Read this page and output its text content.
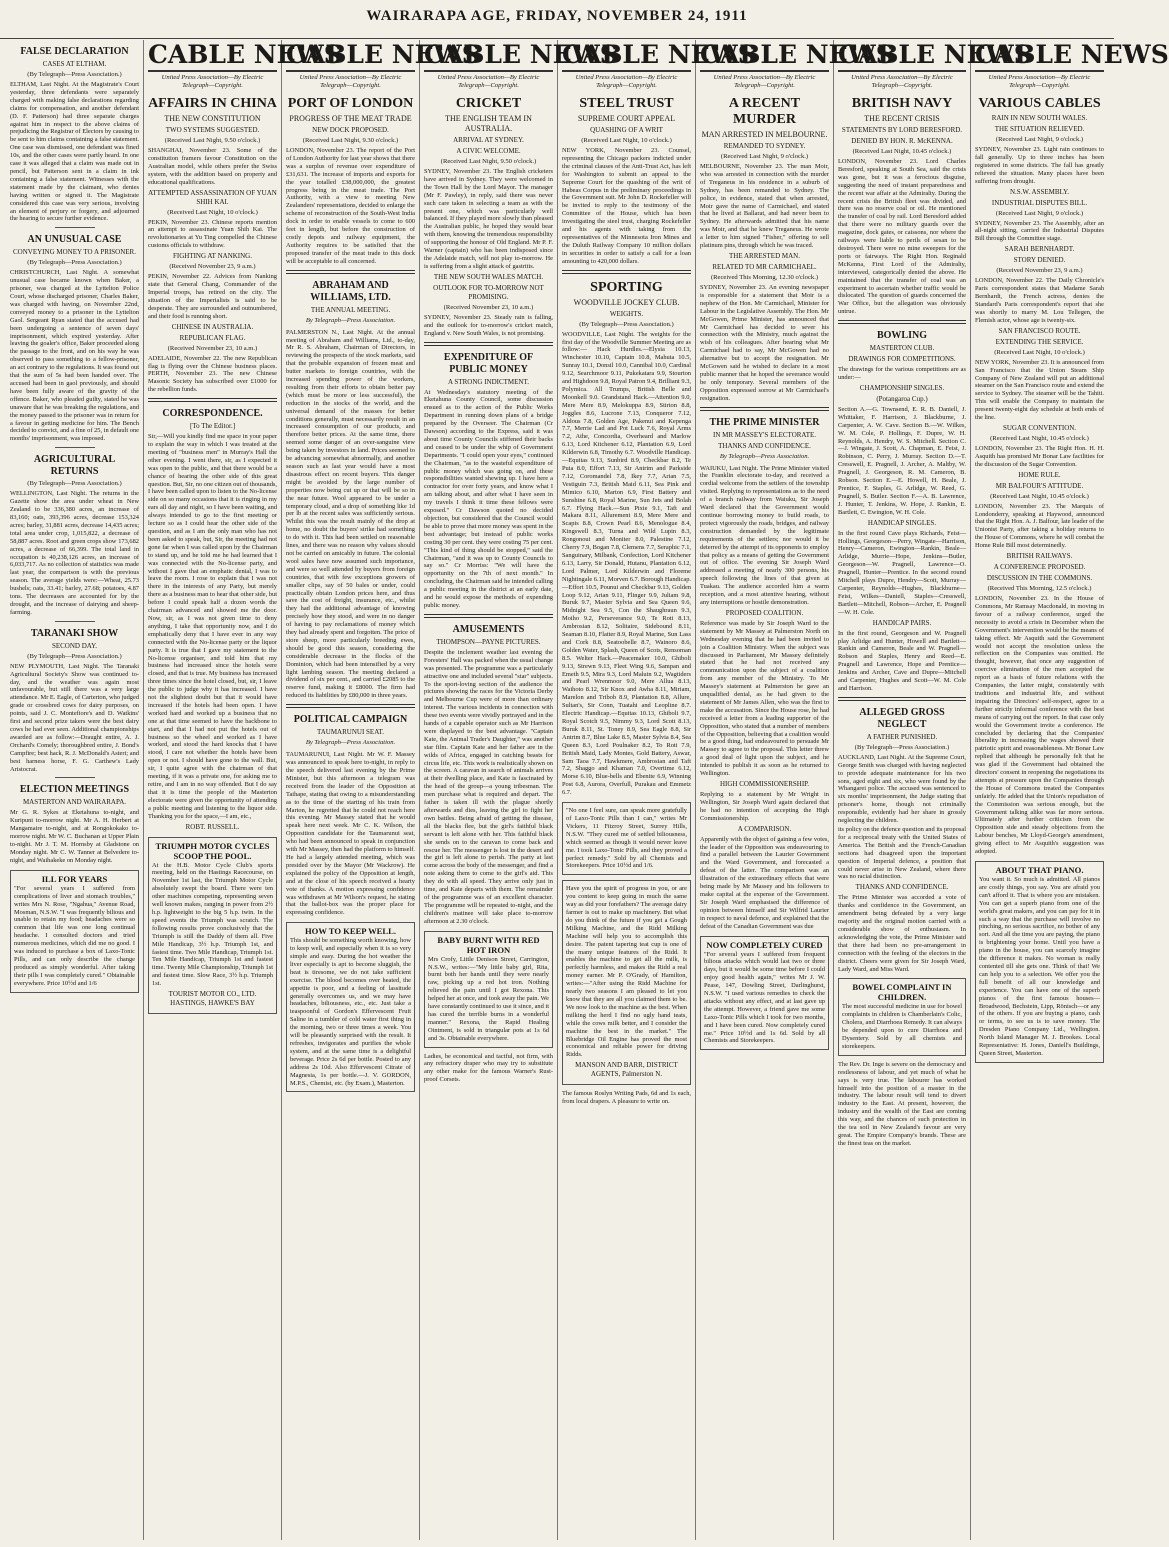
WAIRARAPA AGE, FRIDAY, NOVEMBER 24, 1911
FALSE DECLARATION
CASES AT ELTHAM.
(By Telegraph—Press Association.)
ELTHAM, Last Night. At the Magistrate's Court yesterday, three defendants were separately charged with making false declarations regarding claims for compensation, and another defendant (D. F. Patterson) had three separate charges against him in respect to the above claims of prejudicing the Registrar of Electors by causing to be sent to him claims containing a false statement. One case was dismissed, one defendant was fined 10s, and the other cases were partly heard. In one case it was alleged that a claim was made out in pencil, but Patterson sent in a claim in ink containing a false statement. Witnesses with the statement made by the claimant, who denies having written or signed it. The Magistrate considered this case was very serious, involving an element of perjury or forgery, and adjourned the hearing to secure further evidence.
AN UNUSUAL CASE
CONVEYING MONEY TO A PRISONER.
(By Telegraph—Press Association.)
CHRISTCHURCH, Last Night. A somewhat unusual case became known when Baker, a prisoner, was charged at the Lyttelton Police Court, whose discharged prisoner, Charles Baker, was charged with having, on November 22nd, conveyed money to a prisoner in the Lyttelton Gaol. Sergeant Ryan stated that the accused had been undergoing a sentence of seven days' imprisonment, which expired yesterday. After leaving the goaler's office, Baker proceeded along the passage to the front, and on his way he was observed to pass something to a fellow-prisoner, an act contrary to the regulations. It was found out that the sum of 5s had been handed over. The accused had been in gaol previously, and should have been fully aware of the gravity of the offence. Baker, who pleaded guilty, stated he was unaware that he was breaking the regulations, and the money passed to the prisoner was in return for a favour in getting medicine for him. The Bench decided to convict, and a fine of 25, in default one months' imprisonment, was imposed.
AGRICULTURAL RETURNS
(By Telegraph—Press Association.)
WELLINGTON, Last Night. The returns in the Gazette show the area under wheat in New Zealand to be 336,380 acres, an increase of 83,160; oats, 393,396 acres, decrease 153,324 acres; barley, 31,881 acres, decrease 14,435 acres; total area under crop, 1,015,822, a decrease of 58,887 acres. Root and green crops show 173,682 acres, a decrease of 66,399. The total land in occupation is 40,238,126 acres, an increase of 6,033,717. As no collection of statistics was made last year, the comparison is with the previous season. The average yields were:—Wheat, 25.73 bushels; oats, 33.41; barley, 27.68; potatoes, 4.87 tons. The decreases are accounted for by the drought, and the increase of dairying and sheep-farming.
TARANAKI SHOW
SECOND DAY.
(By Telegraph—Press Association.)
NEW PLYMOUTH, Last Night. The Taranaki Agricultural Society's Show was continued to-day, and the weather was again most unfavourable, but still there was a very large attendance. Mr E. Eagle, of Carterton, who judged grade or crossbred cows for dairy purposes, on points, said J. C. Montefiore's and D. Watkins' first and second prize takers were the best dairy cows he had ever seen. Additional championships awarded are as follow:—Draught entire, A. J. Orchard's Comely; thoroughbred entire, J. Bond's Campfire; best hack, R. J. McDonald's Asteri; and best harness horse, F. G. Carthew's Lady Aristocrat.
ELECTION MEETINGS
MASTERTON AND WAIRARAPA.
Mr G. R. Sykes at Eketahuna to-night, and Kuripuni to-morrow night. Mr A. H. Herbert at Mangamaire to-night, and at Rongokokako to-morrow night. Mr W. C. Buchanan at Upper Plain to-night. Mr J. T. M. Hornsby at Gladstone on Monday night. Mr C. W. Tanner at Belvedere to-night, and Waihakeke on Monday night.
ILL FOR YEARS
"For several years I suffered from complications of liver and stomach troubles," writes Mrs N. Rose, "Ngahua," Avenue Road, Mosman, N.S.W. "I was frequently bilious and unable to retain my food; headaches were so common that life was one long continual headache. I consulted doctors and tried numerous medicines, which did me no good. I was induced to purchase a box of Laxo-Tonic Pills, and can only describe the change produced as simply wonderful. After taking their pills I was completely cured." Obtainable everywhere. Price 10½d and 1/6
CABLE NEWS
United Press Association—By Electric Telegraph—Copyright.
AFFAIRS IN CHINA
THE NEW CONSTITUTION
TWO SYSTEMS SUGGESTED.
(Received Last Night, 9.50 o'clock.)
SHANGHAI, November 23. Some of the constitution framers favour Constitution on the Australian model, while others prefer the Swiss system, with the addition based on property and educational qualifications.
ATTEMPTED ASSASSINATION OF YUAN SHIH KAI.
(Received Last Night, 10 o'clock.)
PEKIN, November 23. Chinese reports mention an attempt to assassinate Yuan Shih Kai. The revolutionaries at Yu Ting compelled the Chinese customs officials to withdraw.
FIGHTING AT NANKING.
(Received November 23, 9 a.m.)
PEKIN, November 22. Advices from Nanking state that General Chang, Commander of the Imperial troops, has retired on the city. The situation of the Imperialists is said to be desperate. They are surrounded and outnumbered, and their food is running short.
CHINESE IN AUSTRALIA.
REPUBLICAN FLAG.
(Received November 23, 10 a.m.)
ADELAIDE, November 22. The new Republican flag is flying over the Chinese business places. PERTH, November 23. The new Chinese Masonic Society has subscribed over £1000 for the rebellion funds.
CORRESPONDENCE.
[To The Editor.]
Sir,—Will you kindly find me space in your paper to explain the way in which I was treated at the meeting of "business men" in Murray's Hall the other evening. I went there, sir, as I expected it was open to the public, and that there would be a chance of hearing the other side of this great question. But, Sir, no one citizen out of thousands, I have been called upon to listen to the No-license side on so many occasions that it is ringing in my ears all day and night, so I have been waiting, and always intended to go to the first meeting or lecture so as I could hear the other side of the question, and as I am the only man who has not been asked to speak, but, Sir, the meeting had not gone far when I was called upon by the Chairman to stand up, and he told me he had learned that I was connected with the No-license party, and without I gave that an emphatic denial, I was to leave the room. I rose to explain that I was not there in the interests of any Party, but merely there as a business man to hear that other side, but before I could speak half a dozen words the chairman advanced and showed me the door. Now, sir, as I was not given time to deny anything, I take that opportunity now, and I do emphatically deny that I have ever in any way connected with the No-license party or the liquor party. It is true that I gave my statement to the No-license organiser, and told him that my business had increased since the hotels were closed, and that is true. My business has increased three times since the hotel closed, but, sir, I leave the public to judge why it has increased. I have not the slightest doubt but that it would have increased if the hotels had been open. I have worked hard and worked up a business that no one at that time seemed to have the backbone to start, and that I had not put the hotels out of business so the wheel and worked as I have worked, and stood the hard knocks that I have stood, I care not whether the hotels have been open or not. I should have gone to the wall. But, sir, I quite agree with the chairman of that meeting, if it was a private one, for asking me to retire, and I am in no way offended. But I do say that it is time the people of the Masterton electorate were given the opportunity of attending a public meeting and listening to the liquor side. Thanking you for the space,—I am, etc.,
ROBT. RUSSELL.
TRIUMPH MOTOR CYCLES SCOOP THE POOL.
At the H.B. Motor Cycle Club's sports meeting, held on the Hastings Racecourse, on November 1st last, the Triumph Motor Cycle absolutely swept the board. There were ten other machines competing, representing seven well known makes, ranging in power from 2½ h.p. lightweight to the big 5 h.p. twin. In the speed events the Triumph was scratch. The following results prove conclusively that the Triumph is still the Daddy of them all. Five Mile Handicap, 3½ h.p. Triumph 1st, and fastest time. Two Mile Handicap, Triumph 1st. Ten Mile Handicap, Triumph 1st and fastest time. Twenty Mile Championship, Triumph 1st and fastest time. Slow Race, 3½ h.p. Triumph 1st.
TOURIST MOTOR CO., LTD. HASTINGS, HAWKE'S BAY
CABLE NEWS
United Press Association—By Electric Telegraph—Copyright.
PORT OF LONDON
PROGRESS OF THE MEAT TRADE
NEW DOCK PROPOSED.
(Received Last Night, 9.30 o'clock.)
LONDON, November 23. The report of the Port of London Authority for last year shows that there was a surplus of revenue over expenditure of £31,631. The increase of imports and exports for the year totalled £38,000,000, the greatest progress being in the meat trade. The Port Authority, with a view to meeting New Zealanders' representations, decided to enlarge the scheme of reconstruction of the South-West India dock in order to enable vessels to come to 600 feet in length, but before the construction of costly depots and railway equipment, the Authority requires to be satisfied that the proposed transfer of the meat trade to this dock will be acceptable to all concerned.
ABRAHAM AND WILLIAMS, LTD.
THE ANNUAL MEETING.
By Telegraph—Press Association.
PALMERSTON N., Last Night. At the annual meeting of Abraham and Williams, Ltd., to-day, Mr R. S. Abraham, Chairman of Directors, in reviewing the prospects of the stock markets, said that the probable expansion of frozen meat and butter markets to foreign countries, with the increased spending power of the workers, resulting from their efforts to obtain better pay (which must be more or less successful), the reduction in the stocks of the world, and the universal demand of the masses for better conditions generally, must necessarily result in an increased consumption of our products, and therefore better prices. At the same time, there seemed some danger of an over-sanguine view being taken by investors in land. Prices seemed to be advancing somewhat abnormally, and another season such as last year would have a most disastrous effect on recent buyers. This danger might be avoided by the large number of properties now being cut up or that will be so in the near future. Wool appeared to be under a temporary cloud, and a drop of something like 1d per lb at the recent sales was sufficiently serious. Whilst this was the result mainly of the drop at home, no doubt the buyers' strike had something to do with it. This had been settled on reasonable lines, and there was no reason why values should not be carried on amicably in future. The colonial wool sales have now assumed such importance, and were so well attended by buyers from foreign countries, that with few exceptions growers of smaller clips, say of 50 bales or under, could practically obtain London prices here, and thus save the cost of freight, insurance, etc., whilst they had the additional advantage of knowing precisely how they stood, and were in no danger of having to pay reclamations of money which they had already spent and forgotten. The price of store sheep, more particularly breeding ewes, should be good this season, considering the considerable decrease in the flocks of the Dominion, which had been intensified by a very light lambing season. The meeting declared a dividend of six per cent., and carried £2085 to the reserve fund, making it £8000. The firm had reduced its liabilities by £80,000 in three years.
POLITICAL CAMPAIGN
TAUMARUNUI SEAT.
By Telegraph—Press Association.
TAUMARUNUI, Last Night. Mr W. F. Massey was announced to speak here to-night, in reply to the speech delivered last evening by the Prime Minister, but this afternoon a telegram was received from the leader of the Opposition at Taihape, stating that owing to a misunderstanding as to the time of the starting of his train from Marton, he regretted that he could not reach here this evening. Mr Massey stated that he would speak here next week. Mr C. K. Wilson, the Opposition candidate for the Taumarunui seat, who had been announced to speak in conjunction with Mr Massey, then had the platform to himself. He had a largely attended meeting, which was presided over by the Mayor (Mr Wackrow). He explained the policy of the Opposition at length, and at the close of his speech received a hearty vote of thanks. A motion expressing confidence was withdrawn at Mr Wilson's request, he stating that the ballot-box was the proper place for expressing confidence.
HOW TO KEEP WELL.
This should be something worth knowing, how to keep well, and especially when it is so very simple and easy. During the hot weather the liver especially is apt to become sluggish, the heat is tiresome, we do not take sufficient exercise. The blood becomes over heated, the appetite is poor, and a feeling of lassitude generally overcomes us, and we may have headaches, biliousness, etc., etc. Just take a teaspoonful of Gordon's Effervescent Fruit Saline in a tumbler of cold water first thing in the morning, two or three times a week. You will be pleasantly surprised with the result. It refreshes, invigorates and purifies the whole system, and at the same time is a delightful beverage. Price 2s 6d per bottle. Posted to any address 2s 10d. Also Effervescent Citrate of Magnesia, 1s per bottle.—J. V. GORDON, M.P.S., Chemist, etc. (by Exam.), Masterton.
CABLE NEWS
United Press Association—By Electric Telegraph—Copyright.
CRICKET
THE ENGLISH TEAM IN AUSTRALIA.
ARRIVAL AT SYDNEY.
A CIVIC WELCOME.
(Received Last Night, 9.50 o'clock.)
SYDNEY, November 23. The English cricketers have arrived in Sydney. They were welcomed in the Town Hall by the Lord Mayor. The manager (Mr F. Pawley), in reply, said there was never such care taken in selecting a team as with the present one, which was particularly well balanced. If they played more slowly than pleased the Australian public, he hoped they would bear with them, knowing the tremendous responsibility of supporting the honour of Old England. Mr P. F. Warner (captain) who has been indisposed since the Adelaide match, will not play to-morrow. He is suffering from a slight attack of gastritis.
THE NEW SOUTH WALES MATCH.
OUTLOOK FOR TO-MORROW NOT PROMISING.
(Received November 23, 10 a.m.)
SYDNEY, November 23. Steady rain is falling, and the outlook for to-morrow's cricket match, England v. New South Wales, is not promising.
EXPENDITURE OF PUBLIC MONEY
A STRONG INDICTMENT.
At Wednesday's statutory meeting of the Eketahuna County Council, some discussion ensued as to the action of the Public Works Department in running down plans of a bridge prepared by the Overseer. The Chairman (Cr Dawson) according to the Express, said it was about time County Councils stiffened their backs and ceased to be under the whip of Government Departments. "I could open your eyes," continued the Chairman, "as to the wasteful expenditure of public money which was going on, and these responsibilities wanted shewing up. I have here a contractor for over forty years, and know what I am talking about, and after what I have seen in my travels I think it time these fellows were exposed." Cr Dawson quoted no decided objection, but considered that the Council would be able to prove that more money was spent in the best advantage; but instead of public works costing 30 per cent. they were costing 75 per cent. "This kind of thing should be stopped," said the Chairman, "and it was up to County Councils to say so." Cr Morriss: "We will have the opportunity on the 7th of next month." In concluding, the Chairman said he intended calling a public meeting in the district at an early date, and he would expose the methods of expending public money.
AMUSEMENTS
THOMPSON—PAYNE PICTURES.
Despite the inclement weather last evening the Foresters' Hall was packed when the usual change was presented. The programme was a particularly attractive one and included several "star" subjects. To the sport-loving section of the audience the pictures showing the races for the Victoria Derby and Melbourne Cup were of more than ordinary interest. The various incidents in connection with these two events were vividly portrayed and in the hands of a capable operator such as Mr Harrison were displayed to the best advantage. "Captain Kate, the Animal Trader's Daughter," was another star film. Captain Kate and her father are in the wilds of Africa, engaged in catching beasts for circus life, etc. This work is realistically shown on the screen. A caravan in search of animals arrives at their dwelling place, and Kate is fascinated by the head of the group—a young tribesman. The men purchase what is required and depart. The father is taken ill with the plague shortly afterwards and dies, leaving the girl to fight her own battles. Being afraid of getting the disease, all the blacks flee, but the girl's faithful black servant is left alone with her. This faithful black she sends on to the caravan to come back and rescue her. The messenger is lost in the desert and the girl is left alone to perish. The party at last come across the body of the messenger, and find a note asking them to come to the girl's aid. This they do with all speed. They arrive only just in time, and Kate departs with them. The remainder of the programme was of an excellent character. The programme will be repeated to-night, and the children's matinee will take place to-morrow afternoon at 2.30 o'clock.
BABY BURNT WITH RED HOT IRON
Mrs Crofy, Little Denison Street, Carrington, N.S.W., writes:—"My little baby girl, Rita, burnt both her hands until they were nearly raw, picking up a red hot iron. Nothing relieved the pain until I got Rexona. This helped her at once, and took away the pain. We have constantly continued to use it since, and it has cured the terrible burns in a wonderful manner." Rexona, the Rapid Healing Ointment, is sold in triangular pots at 1s 6d and 3s. Obtainable everywhere.
Ladies, be economical and tactful, not firm, with any refractory draper who may try to substitute any other make for the famous Warner's Rust-proof Corsets.
CABLE NEWS
United Press Association—By Electric Telegraph—Copyright.
STEEL TRUST
SUPREME COURT APPEAL
QUASHING OF A WRIT
(Received Last Night, 10 o'clock.)
NEW YORK, November 23. Counsel, representing the Chicago packers indicted under the criminal clauses of the Anti-Trust Act, has left for Washington to submit an appeal to the Supreme Court for the quashing of the writ of Habeas Corpus in the preliminary proceedings in the Government suit. Mr John D. Rockefeller will be invited to reply to the testimony of the Committee of the House, which has been investigating the steel trust, charging Rockefeller and his agents with taking from the representatives of the Minnesota Iron Mines and the Duluth Railway Company 10 million dollars in securities in order to satisfy a call for a loan amounting to 420,000 dollars.
SPORTING
WOODVILLE JOCKEY CLUB.
WEIGHTS.
(By Telegraph—Press Association.)
WOODVILLE, Last Night. The weights for the first day of the Woodville Summer Meeting are as follow:— Hack Hurdles.—Elysia 10.13, Winchester 10.10, Captain 10.8, Mahuta 10.5, Sunray 10.1, Donsil 10.0, Cannibal 10.0, Cardinal 9.12, Searchmoor 9.11, Pukekatara 9.9, Stourton and Highdoon 9.8, Royal Patron 9.4, Brilliant 9.3, Polymica. All Trumps, British Belle and Moonkell 9.0. Grandstand Hack.—Attention 9.0, Mere Mere 8.9, Melokuppa 8.9, Stirton 8.8, Joggles 8.6, Lucrone 7.13, Conqueror 7.12, Aldous 7.8, Golden Age, Pakenui and Kepenga 7.7, Merrie Lad and Pot Luck 7.6, Royal Arms 7.2, Athe, Concordia, Overheard and Marlow 6.13, Lord Kitchener 6.12, Plantation 6.9, Lord Kilderwin 6.8, Timothy 6.7. Woodville Handicap.—Equitas 9.13, Sunbird 8.9, Checkbar 8.2, Te Puia 8.0, Effort 7.13, Sir Antrim and Parkside 7.12, Coromandel 7.8, Ikey 7.7, Arian 7.5, Vestiguin 7.3, British Maid 6.11, Sea Pink and Mimico 6.10, Marton 6.9, First Battery and Sunshine 6.8, Royal Marine, Sun Jets and Bolah 6.7. Flying Hack.—Sun Pixie 9.1, Taft and Makara 8.11, Allurement 8.9, Mere Mere and Scapis 8.8, Crown Pearl 8.6, Menologue 8.4, Kingswell 8.3, Turna and Wild Lupin 8.3, Rongonoui and Moniter 8.0, Palestine 7.12, Cherry 7.9, Bogan 7.8, Clemens 7.7, Seraphic 7.1, Sanguinary, Milbank, Confection, Lord Kitchener 6.13, Larry, Sir Donald, Hutanu, Plantation 6.12, Lord Palmer, Lord Kilderwin and Floreme Nightingale 6.11, Morven 6.7. Borough Handicap.—Effort 10.5, Pounui and Checkbar 9.13, Golden Loop 9.12, Arian 9.11, Flinger 9.9, Juliam 9.8, Buruk 9.7, Master Sylvia and Sea Queen 9.6, Midnight Sea 9.5, Con the Shaughraun 9.3, Moiho 9.2, Perseverance 9.0, Te Roti 8.13, Ambrosian 8.12, Solitaire, Sidebound 8.11, Seaman 8.10, Flatter 8.9, Royal Marine, Sun Lass and Cork 8.8, Seatoobelle 8.7, Wainoro 8.6, Golden Water, Splash, Queen of Scots, Rensoman 8.5. Welter Hack.—Peacemaker 10.0, Ghiboli 9.13, Strewn 9.13, Fleet Wing 9.6, Sampan and Emeth 9.5, Mira 9.3, Lord Maluin 9.2, Wagtiders and Pearl Wrenmoor 9.0, Mere Allua 8.13, Waihoto 8.12, Sir Knox and Awha 8.11, Miriam, Marelon and Tribob 8.9, Plantation 8.8, Allure, Sultan's, Sir Conn, Tuatahi and Leopline 8.7. Electric Handicap.—Equitas 10.13, Ghiboli 9.7, Royal Scotch 9.5, Nimmy 9.3, Lord Scott 8.13, Buruk 8.11, St. Toney 8.9, Sea Eagle 8.8, Sir Antrim 8.7, Blue Lake 8.5, Master Sylvia 8.4, Sea Queen 8.3, Lord Poulnaker 8.2, To Roti 7.9, British Maid, Lady Montes, Gold Battery, Aswar, Sam Taoa 7.7, Hawkmere, Ambrosian and Taft 7.2, Shaggo and Khaman 7.0, Overtime 6.12, Morse 6.10, Blue-bells and Ebenite 6.9, Winning Post 6.8, Aurora, Overfull, Purakau and Emmetz 6.7.
"No one I feel sure, can speak more gratefully of Laxo-Tonic Pills than I can," writes Mr Vickers, 11 Fitzroy Street, Surrey Hills, N.S.W. "They cured me of settled biliousness, which seemed as though it would never leave me. I took Laxo-Tonic Pills, and they proved a perfect remedy." Sold by all Chemists and Storekeepers. Price 10½d and 1/6.
Have you the spirit of progress in you, or are you content to keep going in much the same way as did your forefathers? The average dairy farmer is out to make up machinery. But what do you think of the future if you get a Gough Milking Machine, and the Ridd Milking Machine will help you to accomplish this desire. The patent tapering teat cup is one of the many unique features of the Ridd. It enables the machine to get all the milk, is perfectly harmless, and makes the Ridd a real money earner. Mr P. O'Grady, of Hamilton, writes:—"After using the Ridd Machine for nearly two seasons I am pleased to let you know that they are all you claimed them to be. We now look to the machine as the best. When milking the herd I find no ugly hand teats, while the cows milk better, and I consider the machine the best in the market." The Bluebridge Oil Engine has proved the most economical and reliable power for driving Ridds.
MANSON AND BARR, DISTRICT AGENTS, Palmerston N.
The famous Roslyn Writing Pads, 6d and 1s each, from local drapers. A pleasure to write on.
CABLE NEWS
United Press Association—By Electric Telegraph—Copyright.
A RECENT MURDER
MAN ARRESTED IN MELBOURNE.
REMANDED TO SYDNEY.
(Received Last Night, 9 o'clock.)
MELBOURNE, November 23. The man Moir, who was arrested in connection with the murder of Treganeus in his residence in a suburb of Sydney, has been remanded to Sydney. The police, in evidence, stated that when arrested, Moir gave the name of Carmichael, and stated that he lived at Ballarat, and had never been to Sydney. He afterwards admitted that his name was Moir, and that he knew Treganeus. He wrote a letter to him signed "Fisher," offering to sell platinum pins, through which he was traced.
THE ARRESTED MAN.
RELATED TO MR CARMICHAEL.
(Received This Morning, 12.30 o'clock.)
SYDNEY, November 23. An evening newspaper is responsible for a statement that Moir is a nephew of the Hon. Mr Carmichael, Minister for Labour in the Legislative Assembly. The Hon. Mr McGowen, Prime Minister, has announced that Mr Carmichael has decided to sever his connection with the Ministry, much against the wish of his colleagues. After hearing what Mr Carmichael had to say, Mr McGowen had no alternative but to accept the resignation. Mr McGowen said he wished to declare in a most public manner that he hoped the severance would be only temporary. Several members of the Opposition expressed sorrow at Mr Carmichael's resignation.
THE PRIME MINISTER
IN MR MASSEY'S ELECTORATE.
THANKS AND CONFIDENCE.
By Telegraph—Press Association.
WAIUKU, Last Night. The Prime Minister visited the Franklin electorate to-day, and received a cordial welcome from the settlers of the township visited. Replying to representations as to the need of a branch railway from Waiuku, Sir Joseph Ward declared that the Government would continue borrowing money to build roads, to protect vigorously the roads, bridges, and railway construction demanded by the legitimate requirements of the settlers; nor would it be deterred by the attempt of its opponents to employ that policy as a means of getting the Government out of office. The evening Sir Joseph Ward addressed a meeting of nearly 300 persons, his speech following the lines of that given at Tuakau. The audience accorded him a warm reception, and a most attentive hearing, without any interruptions or hostile demonstration.
PROPOSED COALITION.
Reference was made by Sir Joseph Ward to the statement by Mr Massey at Palmerston North on Wednesday evening that he had been invited to join a Coalition Ministry. When the subject was discussed in Parliament, Mr Massey definitely stated that he had not received any communication upon the subject of a coalition from any member of the Ministry. To Mr Massey's statement at Palmerston he gave an unqualified denial, as he had given to the statement of Mr James Allen, who was the first to make the accusation. Since the House rose, he had received a letter from a leading supporter of the Opposition, who stated that a number of members of the Opposition, believing that a coalition would be a good thing, had endeavoured to persuade Mr Massey to agree to the proposal. This letter threw a good deal of light upon the subject, and he intended to publish it as soon as he returned to Wellington.
HIGH COMMISSIONERSHIP.
Replying to a statement by Mr Wright in Wellington, Sir Joseph Ward again declared that he had no intention of accepting the High Commissionership.
A COMPARISON.
Apparently with the object of gaining a few votes, the leader of the Opposition was endeavouring to find a parallel between the Laurier Government and the Ward Government, and forecasted a defeat of the latter. The comparison was an illustration of the extraordinary effects that were being made by Mr Massey and his followers to make capital at the expense of the Government. Sir Joseph Ward emphasised the difference of opinion between himself and Sir Wilfrid Laurier in respect to naval defence, and explained that the defeat of the Canadian Government was due
NOW COMPLETELY CURED
"For several years I suffered from frequent bilious attacks which would last two or three days, but it would be some time before I could enjoy good health again," writes Mr J. W. Pease, 147, Dowling Street, Darlinghurst, N.S.W. "I used various remedies to check the attacks without any effect, and at last gave up the attempt. However, a friend gave me some Laxo-Tonic Pills which I took for two months, and I have been cured. Now completely cured me." Price 10½d and 1s 6d. Sold by all Chemists and Storekeepers.
CABLE NEWS
United Press Association—By Electric Telegraph—Copyright.
BRITISH NAVY
THE RECENT CRISIS
STATEMENTS BY LORD BERESFORD.
DENIED BY HON. R. McKENNA.
(Received Last Night, 10.45 o'clock.)
LONDON, November 23. Lord Charles Beresford, speaking at South Sea, said the crisis was gone, but it was a ferocious disguise, suggesting the need of instant preparedness and the recent war affair at the Admiralty. During the recent crisis the British fleet was divided, and there was no reserve coal or oil. He mentioned the transfer of coal by rail. Lord Beresford added that there were no military guards over the magazine, dock gates, or caissons, nor where the railways were liable to perils of sesan to be destroyed. There were no mine sweepers for the ports or fairways. The Right Hon. Reginald McKenna, First Lord of the Admiralty, interviewed, categorically denied the above. He maintained that the transfer of coal was an experiment to ascertain whether traffic would be dislocated. The question of guards concerned the War Office, but the allegation was obviously untrue.
BOWLING
MASTERTON CLUB.
DRAWINGS FOR COMPETITIONS.
The drawings for the various competitions are as under:—
CHAMPIONSHIP SINGLES.
(Potangaroa Cup.)
Section A.—G. Townsend, E. R. B. Daniell, J. Whittaker, F. Harrison, J. Blackburne, J. Carpenter, A. W. Cave. Section B.—W. Wilkes, W. M. Cole, P. Hollings, F. Dupre, W. H. Reynolds, A. Hendry, W. S. Mitchell. Section C.—J. Wingate, J. Scott, A. Chapman, E. Feist, J. Robinson, C. Perry, J. Murray. Section D.—T. Cresswell, E. Pragnell, J. Archer, A. Maltby, W. Pragnell, J. Georgeson, R. M. Cameron, B. Robson. Section E.—E. Howell, H. Beale, J. Prentice, F. Staples, G. Arlidge, W. Reed, G. Pragnell, S. Butler. Section F.—A. B. Lawrence, J. Hunter, T. Jenkins, W. Hope, J. Rankin, E. Bartlett, C. Ewington, W. H. Cole.
HANDICAP SINGLES.
In the first round Cave plays Richards, Feist—Hollings, Georgeson—Perry, Wingate—Harrison, Henry—Cameron, Ewington—Rankin, Beale—Arlidge, Murrie—Hope, Jenkins—Butler, Georgeson—W. Pragnell, Lawrence—O. Pragnell, Hunter—Prentice. In the second round Mitchell plays Dupre, Hendry—Scott, Murray—Carpenter, Reynolds—Hughes, Blackburne—Feist, Wilkes—Daniell, Staples—Cresswell, Bartlett—Mitchell, Robson—Archer, E. Pragnell—W. H. Cole.
HANDICAP PAIRS.
In the first round, Georgeson and W. Pragnell play Arlidge and Hunter, Howell and Bartlett—Rankin and Cameron, Beale and W. Pragnell—Robson and Staples, Henry and Reed—E. Pragnell and Lawrence, Hope and Prentice—Jenkins and Archer, Cave and Dupre—Mitchell and Carpenter, Hughes and Scott—W. M. Cole and Harrison.
ALLEGED GROSS NEGLECT
A FATHER PUNISHED.
(By Telegraph—Press Association.)
AUCKLAND, Last Night. At the Supreme Court, George Smith was charged with having neglected to provide adequate maintenance for his two sons, aged eight and six, who were found by the Whangarei police. The accused was sentenced to six months' imprisonment, the Judge stating that prisoner's home, though not criminally responsible, evidently had her share in grossly neglecting the children.
its policy on the defence question and its proposal for a reciprocal treaty with the United States of America. The British and the French-Canadian sections had disagreed upon the important question of Imperial defence, a position that could never arise in New Zealand, where there was no racial distinction.
THANKS AND CONFIDENCE.
The Prime Minister was accorded a vote of thanks and confidence in the Government, an amendment being defeated by a very large majority and the original motion carried with a considerable show of enthusiasm. In acknowledging the vote, the Prime Minister said that there had been no pre-arrangement in connection with the feeling of the electors in the district. Cheers were given for Sir Joseph Ward, Lady Ward, and Miss Ward.
BOWEL COMPLAINT IN CHILDREN.
The most successful medicine in use for bowel complaints in children is Chamberlain's Colic, Cholera, and Diarrhoea Remedy. It can always be depended upon to cure Diarrhoea and Dysentery. Sold by all chemists and storekeepers.
The Rev. Dr. Inge is severe on the democracy and restlessness of labour, and yet much of what he says is very true. The labourer has worked himself into the position of a master in the industry. The labour result will tend to divert industry to the East. At present, however, the industry and the wealth of the East are coming this way, and the chances of such protection in the tea soil in New Zealand's favour are very great. The Empire Company's brands. These are the finest teas on the market.
CABLE NEWS
United Press Association—By Electric Telegraph—Copyright.
VARIOUS CABLES
RAIN IN NEW SOUTH WALES.
THE SITUATION RELIEVED.
(Received Last Night, 9 o'clock.)
SYDNEY, November 23. Light rain continues to fall generally. Up to three inches has been registered in some districts. The fall has greatly relieved the situation. Many places have been suffering from drought.
N.S.W. ASSEMBLY.
INDUSTRIAL DISPUTES BILL.
(Received Last Night, 9 o'clock.)
SYDNEY, November 23. The Assembly, after an all-night sitting, carried the Industrial Disputes Bill through the Committee stage.
SARAH BERNHARDT.
STORY DENIED.
(Received November 23, 9 a.m.)
LONDON, November 22. The Daily Chronicle's Paris correspondent states that Madame Sarah Bernhardt, the French actress, denies the Standard's Paris correspondent's report that she was shortly to marry M. Lou Tellegen, the Flemish actor, whose age is twenty-six.
SAN FRANCISCO ROUTE.
EXTENDING THE SERVICE.
(Received Last Night, 10 o'clock.)
NEW YORK, November 23. It is announced from San Francisco that the Union Steam Ship Company of New Zealand will put an additional steamer on the San Francisco route and extend the service to Sydney. The steamer will be the Tahiti. This will enable the Company to maintain the present twenty-eight day schedule at both ends of the line.
SUGAR CONVENTION.
(Received Last Night, 10.45 o'clock.)
LONDON, November 23. The Right Hon. H. H. Asquith has promised Mr Bonar Law facilities for the discussion of the Sugar Convention.
HOME RULE.
MR BALFOUR'S ATTITUDE.
(Received Last Night, 10.45 o'clock.)
LONDON, November 23. The Marquis of Londonderry, speaking at Haywood, announced that the Right Hon. A. J. Balfour, late leader of the Unionist Party, after taking a holiday returns to the House of Commons, where he will combat the Home Rule Bill most determinedly.
BRITISH RAILWAYS.
A CONFERENCE PROPOSED.
DISCUSSION IN THE COMMONS.
(Received This Morning, 12.5 o'clock.)
LONDON, November 23. In the House of Commons, Mr Ramsay Macdonald, in moving in favour of a railway conference, urged the necessity to avoid a crisis in December when the Government's intervention would be the means of taking effect. Mr Asquith said the Government would not accept the resolution unless the reflection on the Companies was omitted. He thought, however, that once any suggestion of coercive elimination of the men accepted the report as a basis of future relations with the Companies, the latter might, consistently with traditions and industrial life, and without impairing the Directors' self-respect, agree to a further strictly informal conference with the best means of carrying out the report. In that case only would the Government invite a conference. He concluded by declaring that the Companies' liberality in increasing the wages showed their patriotic spirit and reasonableness. Mr Bonar Law replied that although he personally felt that he was glad if the Government had obtained the directors' consent in reopening the negotiations its attempts at pressure upon the Companies through the House of Commons treated the Companies unfairly. He added that the Union's repudiation of the Commission was serious enough, but the Government talking alike was far more serious. Ultimately after further criticism from the Opposition side and steady objections from the Labour benches, Mr Lloyd-George's amendment, giving effect to Mr Asquith's suggestion was adopted.
ABOUT THAT PIANO.
You want it. So much is admitted. All pianos are costly things, you say. You are afraid you can't afford it. That is where you are mistaken. You can get a superb piano from one of the world's great makers, and you can pay for it in such a way that the purchase will involve no pinching, no serious sacrifice, no bother of any sort. And all the time you are paying, the piano is brightening your home. Until you have a piano in the house, you can scarcely imagine the difference it makes. No woman is really contented till she gets one. Think of that! We can help you to a selection. We offer you the full benefit of all our knowledge and experience. You can have one of the superb pianos of the first famous houses—Broadwood, Bechstein, Lipp, Rönisch—or any of the others. If you are buying a piano, cash or terms, to see us is to save money. The Dresden Piano Company Ltd., Wellington. North Island Manager M. J. Brookes. Local Representative: H. Jones, Daniell's Buildings, Queen Street, Masterton.
